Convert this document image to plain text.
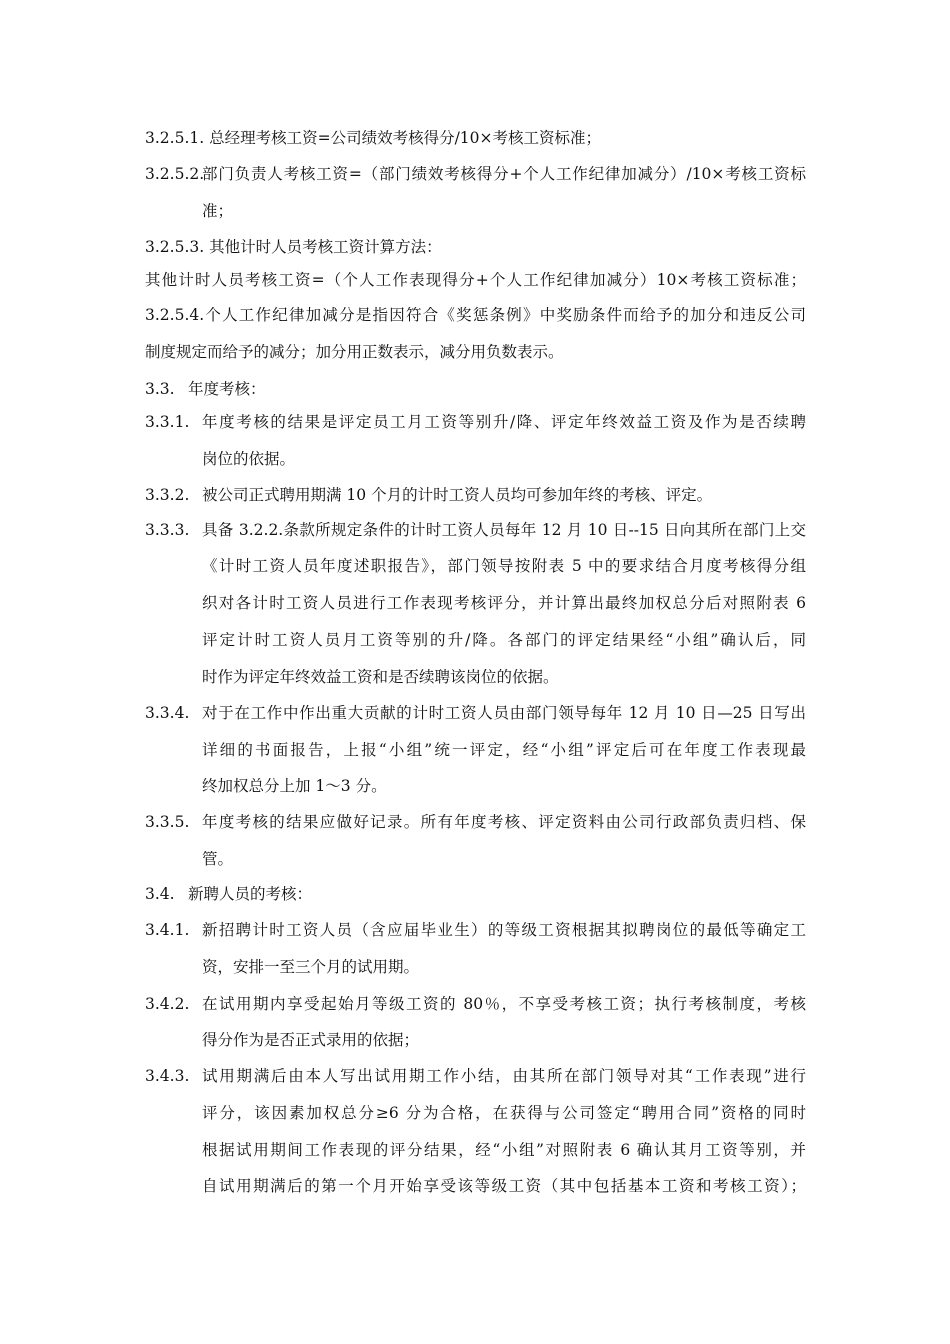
3.2.5.1. 总经理考核工资=公司绩效考核得分/10×考核工资标准；
3.2.5.2.
部门负责人考核工资=（部门绩效考核得分+个人工作纪律加减分）/10×考核工资标
准；
3.2.5.3. 其他计时人员考核工资计算方法：
其他计时人员考核工资=（个人工作表现得分+个人工作纪律加减分）10×考核工资标准；
3.2.5.4.个人工作纪律加减分是指因符合《奖惩条例》中奖励条件而给予的加分和违反公司
制度规定而给予的减分；加分用正数表示，减分用负数表示。
3.3. 年度考核：
3.3.1. 年度考核的结果是评定员工月工资等别升/降、评定年终效益工资及作为是否续聘
岗位的依据。
3.3.2. 被公司正式聘用期满 10 个月的计时工资人员均可参加年终的考核、评定。
3.3.3. 具备 3.2.2.条款所规定条件的计时工资人员每年 12 月 10 日--15 日向其所在部门上交
《计时工资人员年度述职报告》，部门领导按附表 5 中的要求结合月度考核得分组
织对各计时工资人员进行工作表现考核评分，并计算出最终加权总分后对照附表 6
评定计时工资人员月工资等别的升/降。各部门的评定结果经“小组”确认后，同
时作为评定年终效益工资和是否续聘该岗位的依据。
3.3.4. 对于在工作中作出重大贡献的计时工资人员由部门领导每年 12 月 10 日—25 日写出
详细的书面报告，上报“小组”统一评定，经“小组”评定后可在年度工作表现最
终加权总分上加 1～3 分。
3.3.5. 年度考核的结果应做好记录。所有年度考核、评定资料由公司行政部负责归档、保
管。
3.4. 新聘人员的考核：
3.4.1. 新招聘计时工资人员（含应届毕业生）的等级工资根据其拟聘岗位的最低等确定工
资，安排一至三个月的试用期。
3.4.2. 在试用期内享受起始月等级工资的 80％，不享受考核工资；执行考核制度，考核
得分作为是否正式录用的依据；
3.4.3. 试用期满后由本人写出试用期工作小结，由其所在部门领导对其“工作表现”进行
评分，该因素加权总分≥6 分为合格，在获得与公司签定“聘用合同”资格的同时
根据试用期间工作表现的评分结果，经“小组”对照附表 6 确认其月工资等别，并
自试用期满后的第一个月开始享受该等级工资（其中包括基本工资和考核工资）；
